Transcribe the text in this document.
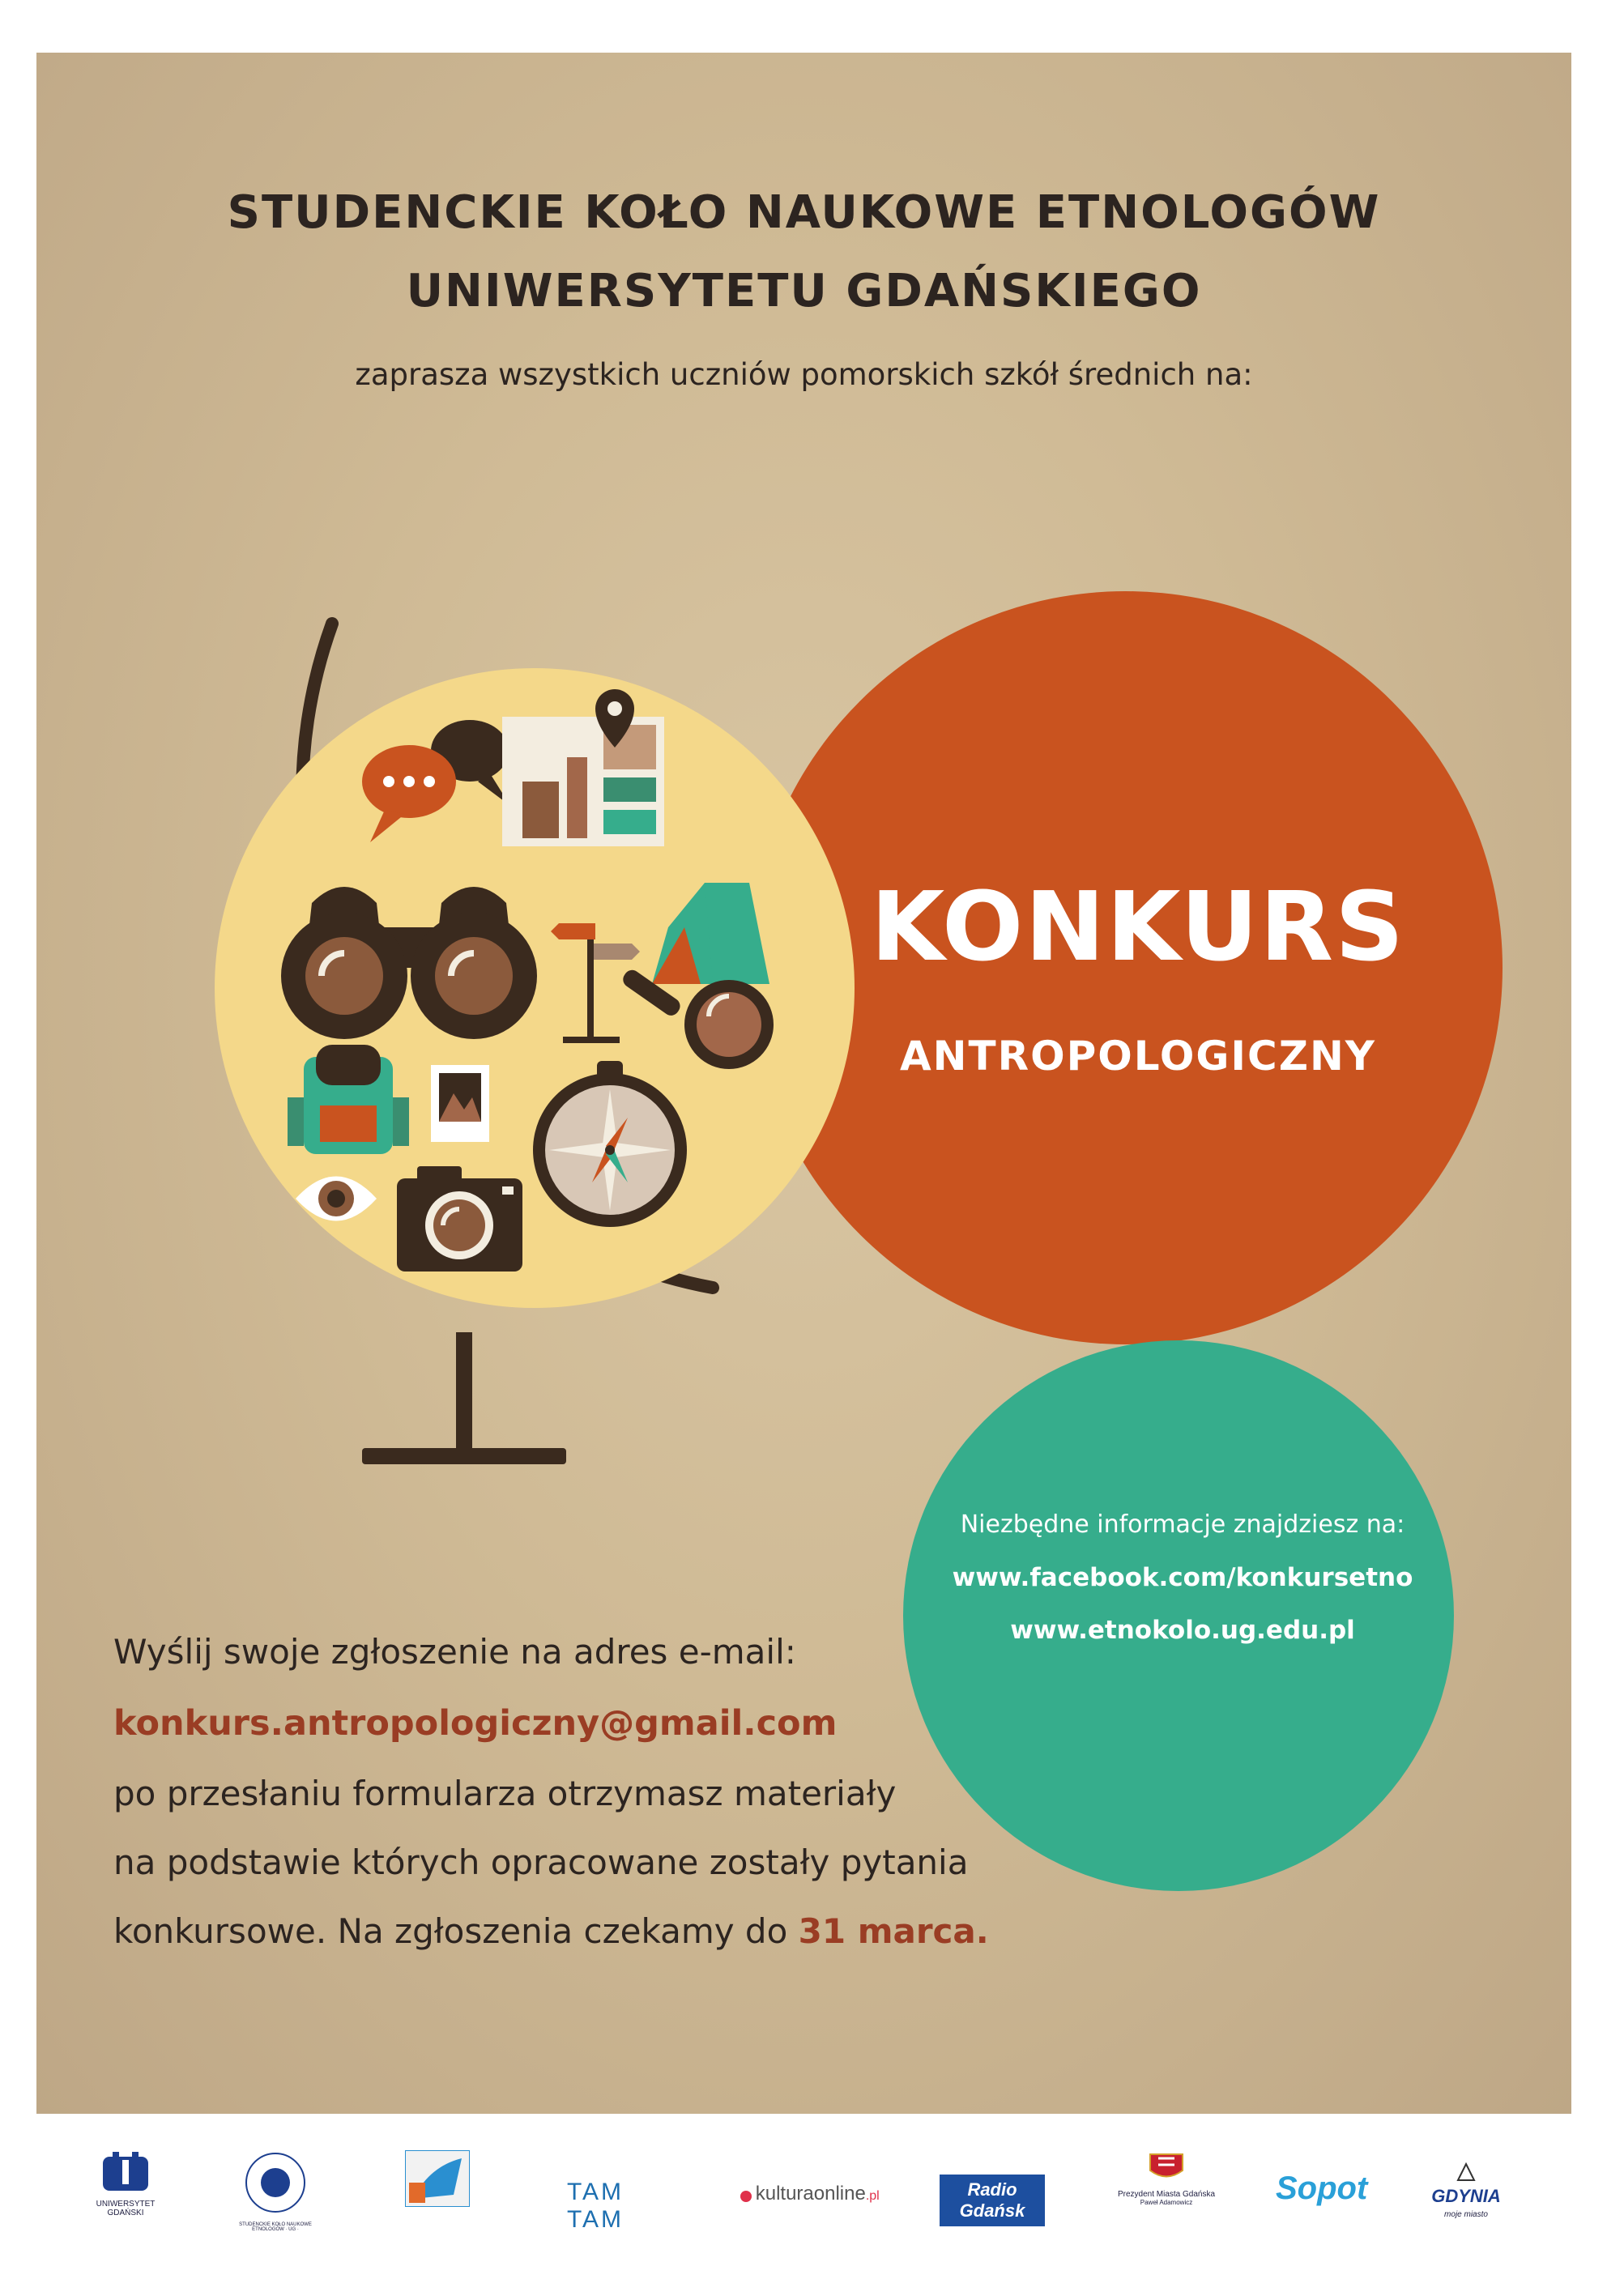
STUDENCKIE KOŁO NAUKOWE ETNOLOGÓW
UNIWERSYTETU GDAŃSKIEGO
zaprasza wszystkich uczniów pomorskich szkół średnich na:
KONKURS
ANTROPOLOGICZNY
Niezbędne informacje znajdziesz na:
www.facebook.com/konkursetno
www.etnokolo.ug.edu.pl
Wyślij swoje zgłoszenie na adres e-mail:
konkurs.antropologiczny@gmail.com
po przesłaniu formularza otrzymasz materiały
na podstawie których opracowane zostały pytania
konkursowe. Na zgłoszenia czekamy do 31 marca.
UNIWERSYTET GDAŃSKI
STUDENCKIE KOŁO NAUKOWE ETNOLOGÓW · UG ·
TAM TAM
kulturaonline.pl	Radio Gdańsk
Prezydent Miasta Gdańska
Paweł Adamowicz	Sopot	GDYNIA
moje miasto
